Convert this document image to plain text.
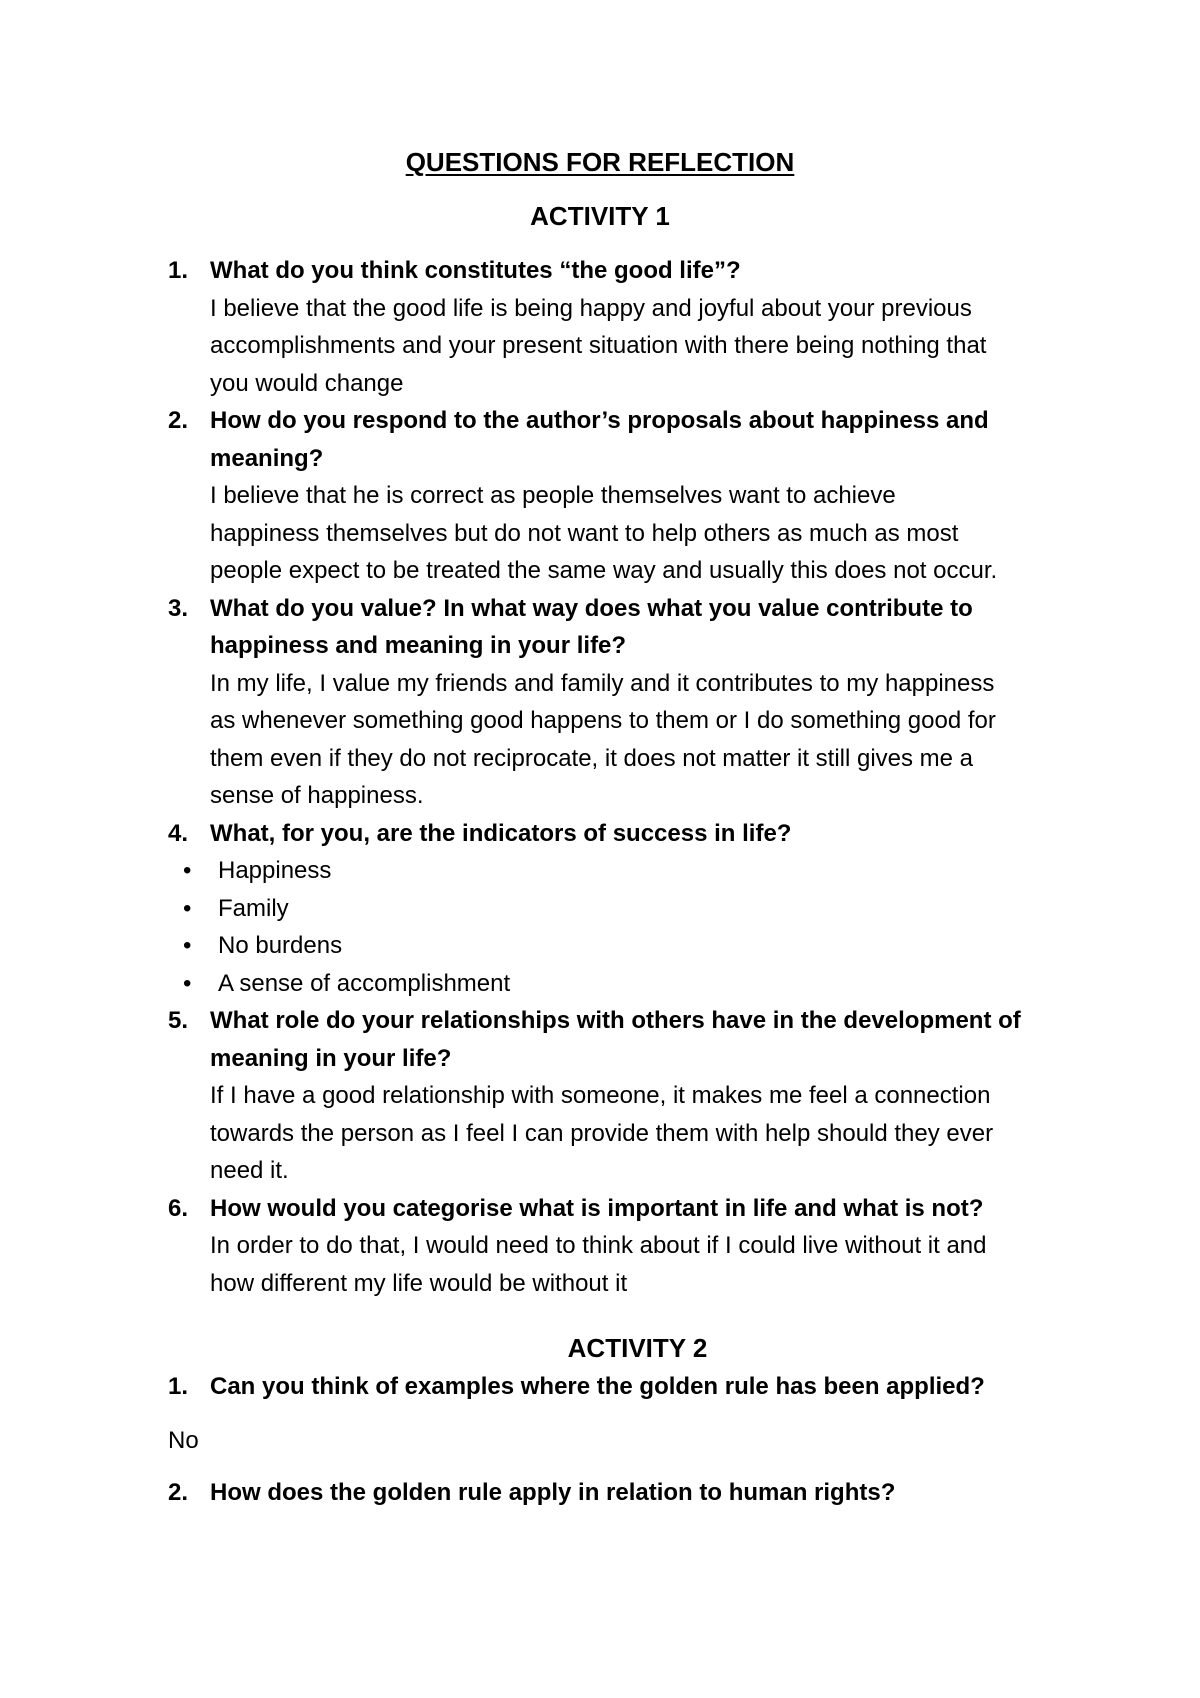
QUESTIONS FOR REFLECTION
ACTIVITY 1
1. What do you think constitutes “the good life”?
I believe that the good life is being happy and joyful about your previous accomplishments and your present situation with there being nothing that you would change
2. How do you respond to the author’s proposals about happiness and meaning?
I believe that he is correct as people themselves want to achieve happiness themselves but do not want to help others as much as most people expect to be treated the same way and usually this does not occur.
3. What do you value? In what way does what you value contribute to happiness and meaning in your life?
In my life, I value my friends and family and it contributes to my happiness as whenever something good happens to them or I do something good for them even if they do not reciprocate, it does not matter it still gives me a sense of happiness.
4. What, for you, are the indicators of success in life?
•	Happiness
•	Family
•	No burdens
•	A sense of accomplishment
5. What role do your relationships with others have in the development of meaning in your life?
If I have a good relationship with someone, it makes me feel a connection towards the person as I feel I can provide them with help should they ever need it.
6. How would you categorise what is important in life and what is not?
In order to do that, I would need to think about if I could live without it and how different my life would be without it
ACTIVITY 2
1. Can you think of examples where the golden rule has been applied?
No
2. How does the golden rule apply in relation to human rights?
